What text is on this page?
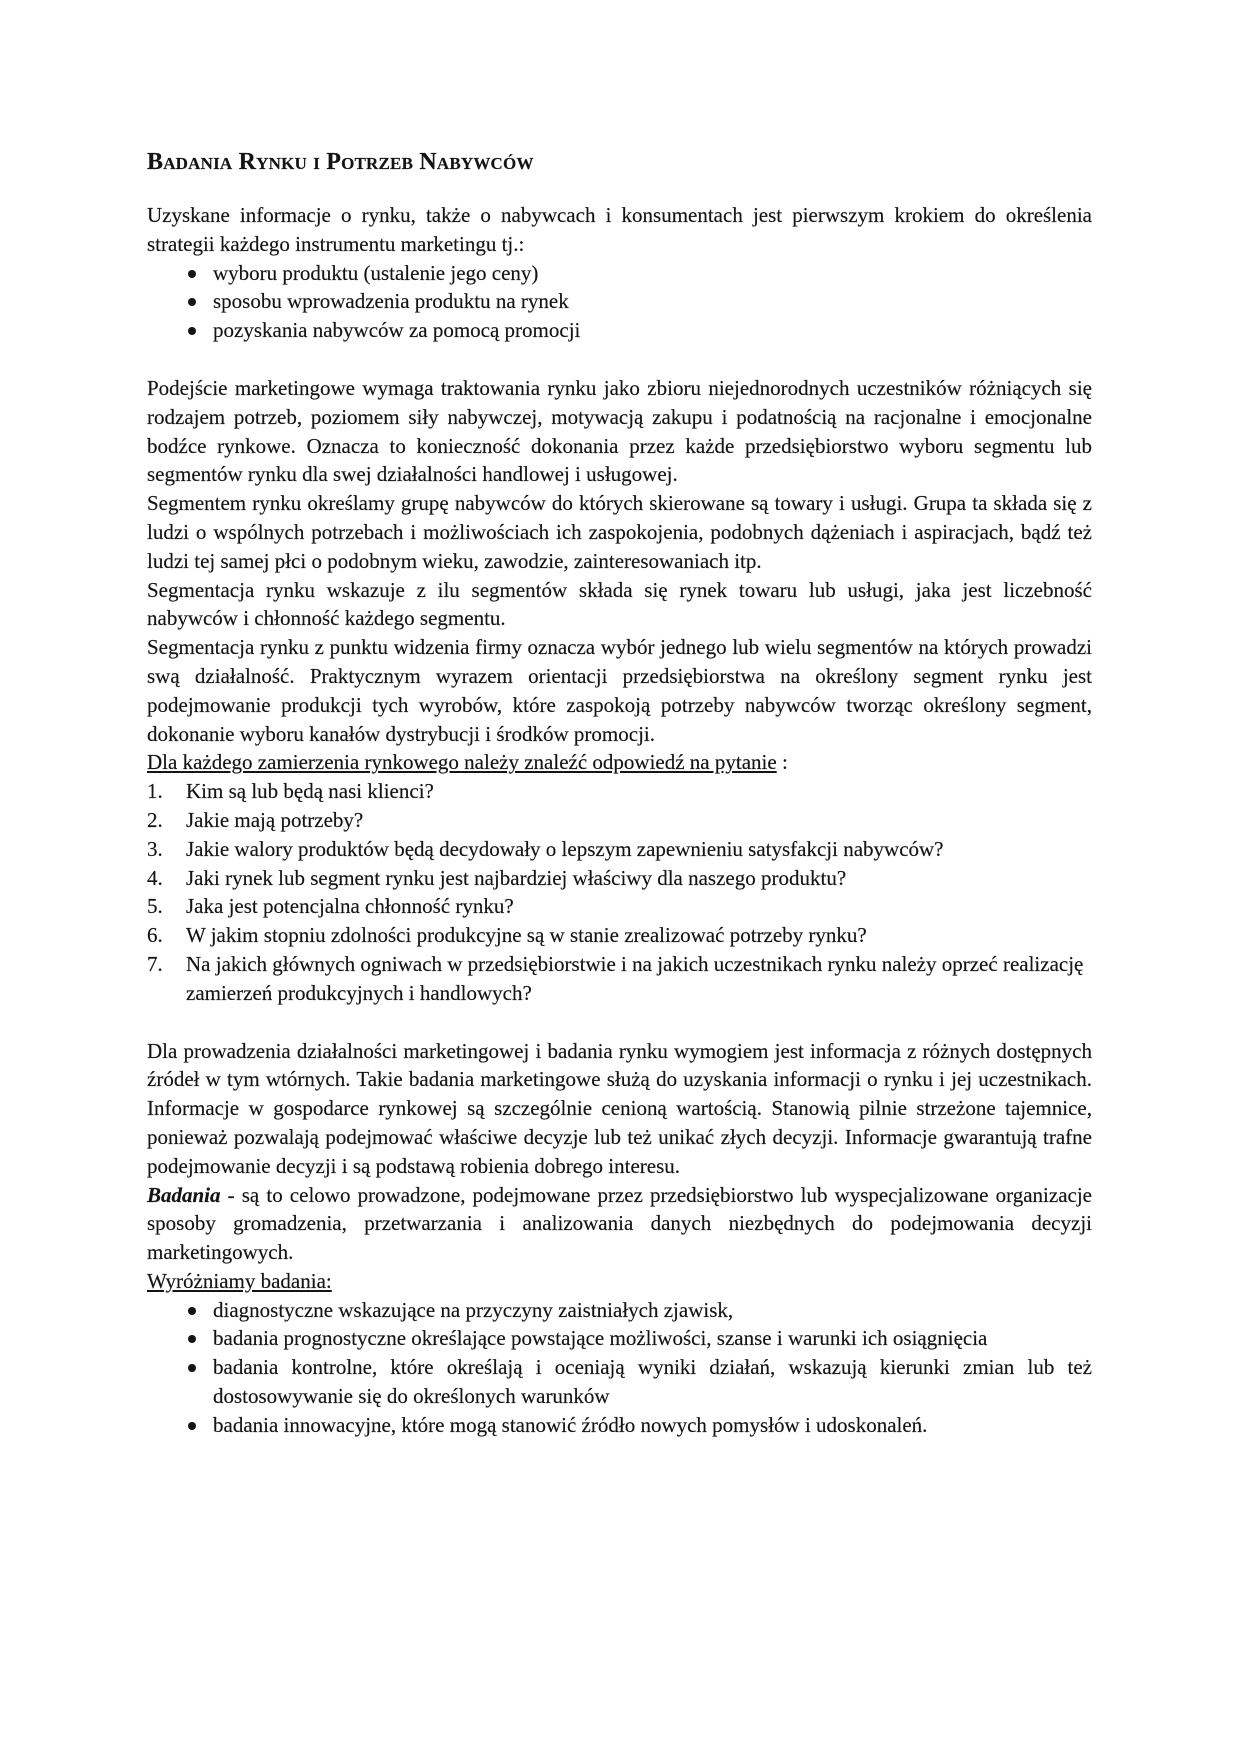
Badania Rynku i Potrzeb Nabywców

Uzyskane informacje o rynku, także o nabywcach i konsumentach jest pierwszym krokiem do określenia strategii każdego instrumentu marketingu tj.:

wyboru produktu (ustalenie jego ceny)
sposobu wprowadzenia produktu na rynek
pozyskania nabywców za pomocą promocji

Podejście marketingowe wymaga traktowania rynku jako zbioru niejednorodnych uczestników różniących się rodzajem potrzeb, poziomem siły nabywczej, motywacją zakupu i podatnością na racjonalne i emocjonalne bodźce rynkowe. Oznacza to konieczność dokonania przez każde przedsiębiorstwo wyboru segmentu lub segmentów rynku dla swej działalności handlowej i usługowej.

Segmentem rynku określamy grupę nabywców do których skierowane są towary i usługi. Grupa ta składa się z ludzi o wspólnych potrzebach i możliwościach ich zaspokojenia, podobnych dążeniach i aspiracjach, bądź też ludzi tej samej płci o podobnym wieku, zawodzie, zainteresowaniach itp.

Segmentacja rynku wskazuje z ilu segmentów składa się rynek towaru lub usługi, jaka jest liczebność nabywców i chłonność każdego segmentu.

Segmentacja rynku z punktu widzenia firmy oznacza wybór jednego lub wielu segmentów na których prowadzi swą działalność. Praktycznym wyrazem orientacji przedsiębiorstwa na określony segment rynku jest podejmowanie produkcji tych wyrobów, które zaspokoją potrzeby nabywców tworząc określony segment, dokonanie wyboru kanałów dystrybucji i środków promocji.

Dla każdego zamierzenia rynkowego należy znaleźć odpowiedź na pytanie :

1. Kim są lub będą nasi klienci?
2. Jakie mają potrzeby?
3. Jakie walory produktów będą decydowały o lepszym zapewnieniu satysfakcji nabywców?
4. Jaki rynek lub segment rynku jest najbardziej właściwy dla naszego produktu?
5. Jaka jest potencjalna chłonność rynku?
6. W jakim stopniu zdolności produkcyjne są w stanie zrealizować potrzeby rynku?
7. Na jakich głównych ogniwach w przedsiębiorstwie i na jakich uczestnikach rynku należy oprzeć realizację zamierzeń produkcyjnych i handlowych?

Dla prowadzenia działalności marketingowej i badania rynku wymogiem jest informacja z różnych dostępnych źródeł w tym wtórnych. Takie badania marketingowe służą do uzyskania informacji o rynku i jej uczestnikach. Informacje w gospodarce rynkowej są szczególnie cenioną wartością. Stanowią pilnie strzeżone tajemnice, ponieważ pozwalają podejmować właściwe decyzje lub też unikać złych decyzji. Informacje gwarantują trafne podejmowanie decyzji i są podstawą robienia dobrego interesu.

Badania - są to celowo prowadzone, podejmowane przez przedsiębiorstwo lub wyspecjalizowane organizacje sposoby gromadzenia, przetwarzania i analizowania danych niezbędnych do podejmowania decyzji marketingowych.

Wyróżniamy badania:

diagnostyczne wskazujące na przyczyny zaistniałych zjawisk,
badania prognostyczne określające powstające możliwości, szanse i warunki ich osiągnięcia
badania kontrolne, które określają i oceniają wyniki działań, wskazują kierunki zmian lub też dostosowywanie się do określonych warunków
badania innowacyjne, które mogą stanowić źródło nowych pomysłów i udoskonaleń.
